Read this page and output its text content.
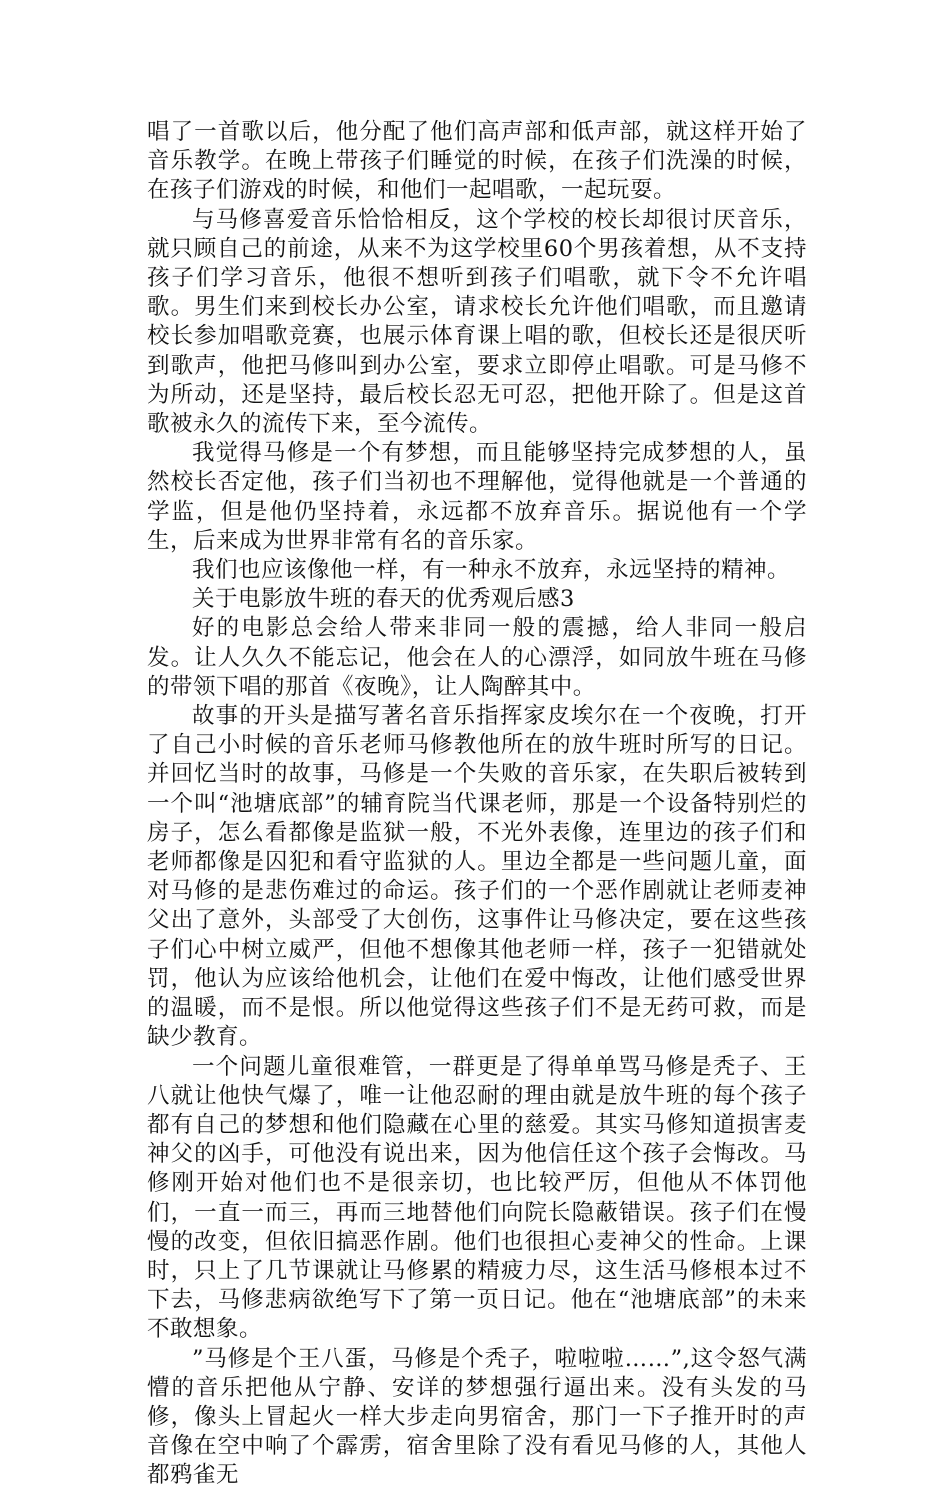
唱了一首歌以后，他分配了他们高声部和低声部，就这样开始了音乐教学。在晚上带孩子们睡觉的时候，在孩子们洗澡的时候，在孩子们游戏的时候，和他们一起唱歌，一起玩耍。

与马修喜爱音乐恰恰相反，这个学校的校长却很讨厌音乐，就只顾自己的前途，从来不为这学校里60个男孩着想，从不支持孩子们学习音乐，他很不想听到孩子们唱歌，就下令不允许唱歌。男生们来到校长办公室，请求校长允许他们唱歌，而且邀请校长参加唱歌竞赛，也展示体育课上唱的歌，但校长还是很厌听到歌声，他把马修叫到办公室，要求立即停止唱歌。可是马修不为所动，还是坚持，最后校长忍无可忍，把他开除了。但是这首歌被永久的流传下来，至今流传。

我觉得马修是一个有梦想，而且能够坚持完成梦想的人，虽然校长否定他，孩子们当初也不理解他，觉得他就是一个普通的学监，但是他仍坚持着，永远都不放弃音乐。据说他有一个学生，后来成为世界非常有名的音乐家。

我们也应该像他一样，有一种永不放弃，永远坚持的精神。

关于电影放牛班的春天的优秀观后感3

好的电影总会给人带来非同一般的震撼，给人非同一般启发。让人久久不能忘记，他会在人的心漂浮，如同放牛班在马修的带领下唱的那首《夜晚》，让人陶醉其中。

故事的开头是描写著名音乐指挥家皮埃尔在一个夜晚，打开了自己小时候的音乐老师马修教他所在的放牛班时所写的日记。并回忆当时的故事，马修是一个失败的音乐家，在失职后被转到一个叫“池塘底部”的辅育院当代课老师，那是一个设备特别烂的房子，怎么看都像是监狱一般，不光外表像，连里边的孩子们和老师都像是囚犯和看守监狱的人。里边全都是一些问题儿童，面对马修的是悲伤难过的命运。孩子们的一个恶作剧就让老师麦神父出了意外，头部受了大创伤，这事件让马修决定，要在这些孩子们心中树立威严，但他不想像其他老师一样，孩子一犯错就处罚，他认为应该给他机会，让他们在爱中悔改，让他们感受世界的温暖，而不是恨。所以他觉得这些孩子们不是无药可救，而是缺少教育。

一个问题儿童很难管，一群更是了得单单骂马修是秃子、王八就让他快气爆了，唯一让他忍耐的理由就是放牛班的每个孩子都有自己的梦想和他们隐藏在心里的慈爱。其实马修知道损害麦神父的凶手，可他没有说出来，因为他信任这个孩子会悔改。马修刚开始对他们也不是很亲切，也比较严厉，但他从不体罚他们，一直一而三，再而三地替他们向院长隐蔽错误。孩子们在慢慢的改变，但依旧搞恶作剧。他们也很担心麦神父的性命。上课时，只上了几节课就让马修累的精疲力尽，这生活马修根本过不下去，马修悲病欲绝写下了第一页日记。他在“池塘底部”的未来不敢想象。

”马修是个王八蛋，马修是个秃子，啦啦啦……”,这令怒气满懵的音乐把他从宁静、安详的梦想强行逼出来。没有头发的马修，像头上冒起火一样大步走向男宿舍，那门一下子推开时的声音像在空中响了个霹雳，宿舍里除了没有看见马修的人，其他人都鸦雀无
